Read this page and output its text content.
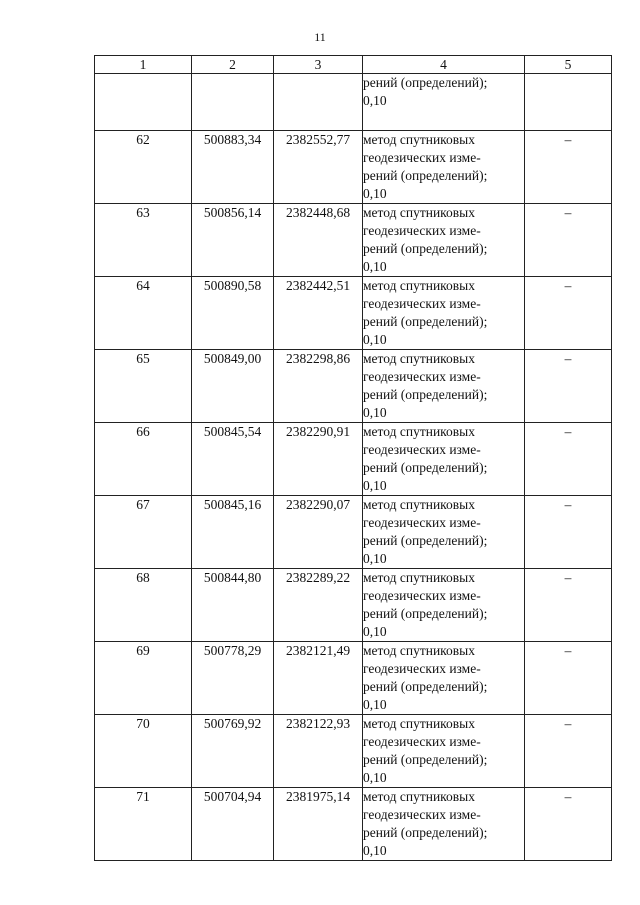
11
1	2	3	4	5

			рений (определений);
0,10	

62	500883,34	2382552,77	метод спутниковых
геодезических изме-
рений (определений);
0,10	–
63	500856,14	2382448,68	метод спутниковых
геодезических изме-
рений (определений);
0,10	–
64	500890,58	2382442,51	метод спутниковых
геодезических изме-
рений (определений);
0,10	–
65	500849,00	2382298,86	метод спутниковых
геодезических изме-
рений (определений);
0,10	–
66	500845,54	2382290,91	метод спутниковых
геодезических изме-
рений (определений);
0,10	–
67	500845,16	2382290,07	метод спутниковых
геодезических изме-
рений (определений);
0,10	–
68	500844,80	2382289,22	метод спутниковых
геодезических изме-
рений (определений);
0,10	–
69	500778,29	2382121,49	метод спутниковых
геодезических изме-
рений (определений);
0,10	–
70	500769,92	2382122,93	метод спутниковых
геодезических изме-
рений (определений);
0,10	–
71	500704,94	2381975,14	метод спутниковых
геодезических изме-
рений (определений);
0,10	–
